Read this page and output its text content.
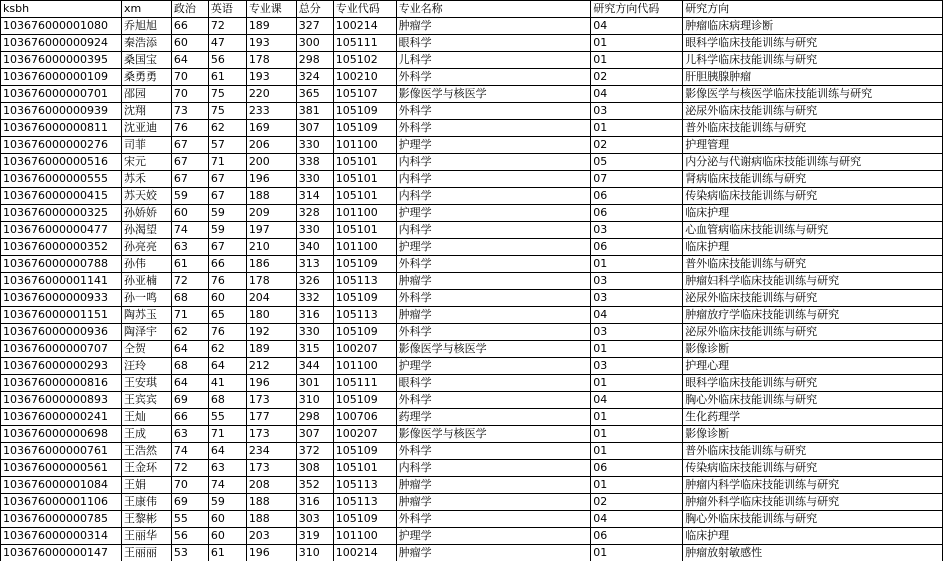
ksbh	xm	政治	英语	专业课	总分	专业代码	专业名称	研究方向代码	研究方向
103676000001080	乔旭旭	66	72	189	327	100214	肿瘤学	04	肿瘤临床病理诊断
103676000000924	秦浩添	60	47	193	300	105111	眼科学	01	眼科学临床技能训练与研究
103676000000395	桑国宝	64	56	178	298	105102	儿科学	01	儿科学临床技能训练与研究
103676000000109	桑勇勇	70	61	193	324	100210	外科学	02	肝胆胰腺肿瘤
103676000000701	邵园	70	75	220	365	105107	影像医学与核医学	04	影像医学与核医学临床技能训练与研究
103676000000939	沈翔	73	75	233	381	105109	外科学	03	泌尿外临床技能训练与研究
103676000000811	沈亚迪	76	62	169	307	105109	外科学	01	普外临床技能训练与研究
103676000000276	司菲	67	57	206	330	101100	护理学	02	护理管理
103676000000516	宋元	67	71	200	338	105101	内科学	05	内分泌与代谢病临床技能训练与研究
103676000000555	苏禾	67	67	196	330	105101	内科学	07	肾病临床技能训练与研究
103676000000415	苏天姣	59	67	188	314	105101	内科学	06	传染病临床技能训练与研究
103676000000325	孙娇娇	60	59	209	328	101100	护理学	06	临床护理
103676000000477	孙渴望	74	59	197	330	105101	内科学	03	心血管病临床技能训练与研究
103676000000352	孙亮亮	63	67	210	340	101100	护理学	06	临床护理
103676000000788	孙伟	61	66	186	313	105109	外科学	01	普外临床技能训练与研究
103676000001141	孙亚楠	72	76	178	326	105113	肿瘤学	03	肿瘤妇科学临床技能训练与研究
103676000000933	孙一鸣	68	60	204	332	105109	外科学	03	泌尿外临床技能训练与研究
103676000001151	陶苏玉	71	65	180	316	105113	肿瘤学	04	肿瘤放疗学临床技能训练与研究
103676000000936	陶泽宇	62	76	192	330	105109	外科学	03	泌尿外临床技能训练与研究
103676000000707	仝贺	64	62	189	315	100207	影像医学与核医学	01	影像诊断
103676000000293	汪玲	68	64	212	344	101100	护理学	03	护理心理
103676000000816	王安琪	64	41	196	301	105111	眼科学	01	眼科学临床技能训练与研究
103676000000893	王宾宾	69	68	173	310	105109	外科学	04	胸心外临床技能训练与研究
103676000000241	王灿	66	55	177	298	100706	药理学	01	生化药理学
103676000000698	王成	63	71	173	307	100207	影像医学与核医学	01	影像诊断
103676000000761	王浩然	74	64	234	372	105109	外科学	01	普外临床技能训练与研究
103676000000561	王金环	72	63	173	308	105101	内科学	06	传染病临床技能训练与研究
103676000001084	王娟	70	74	208	352	105113	肿瘤学	01	肿瘤内科学临床技能训练与研究
103676000001106	王康伟	69	59	188	316	105113	肿瘤学	02	肿瘤外科学临床技能训练与研究
103676000000785	王黎彬	55	60	188	303	105109	外科学	04	胸心外临床技能训练与研究
103676000000314	王丽华	56	60	203	319	101100	护理学	06	临床护理
103676000000147	王丽丽	53	61	196	310	100214	肿瘤学	01	肿瘤放射敏感性
